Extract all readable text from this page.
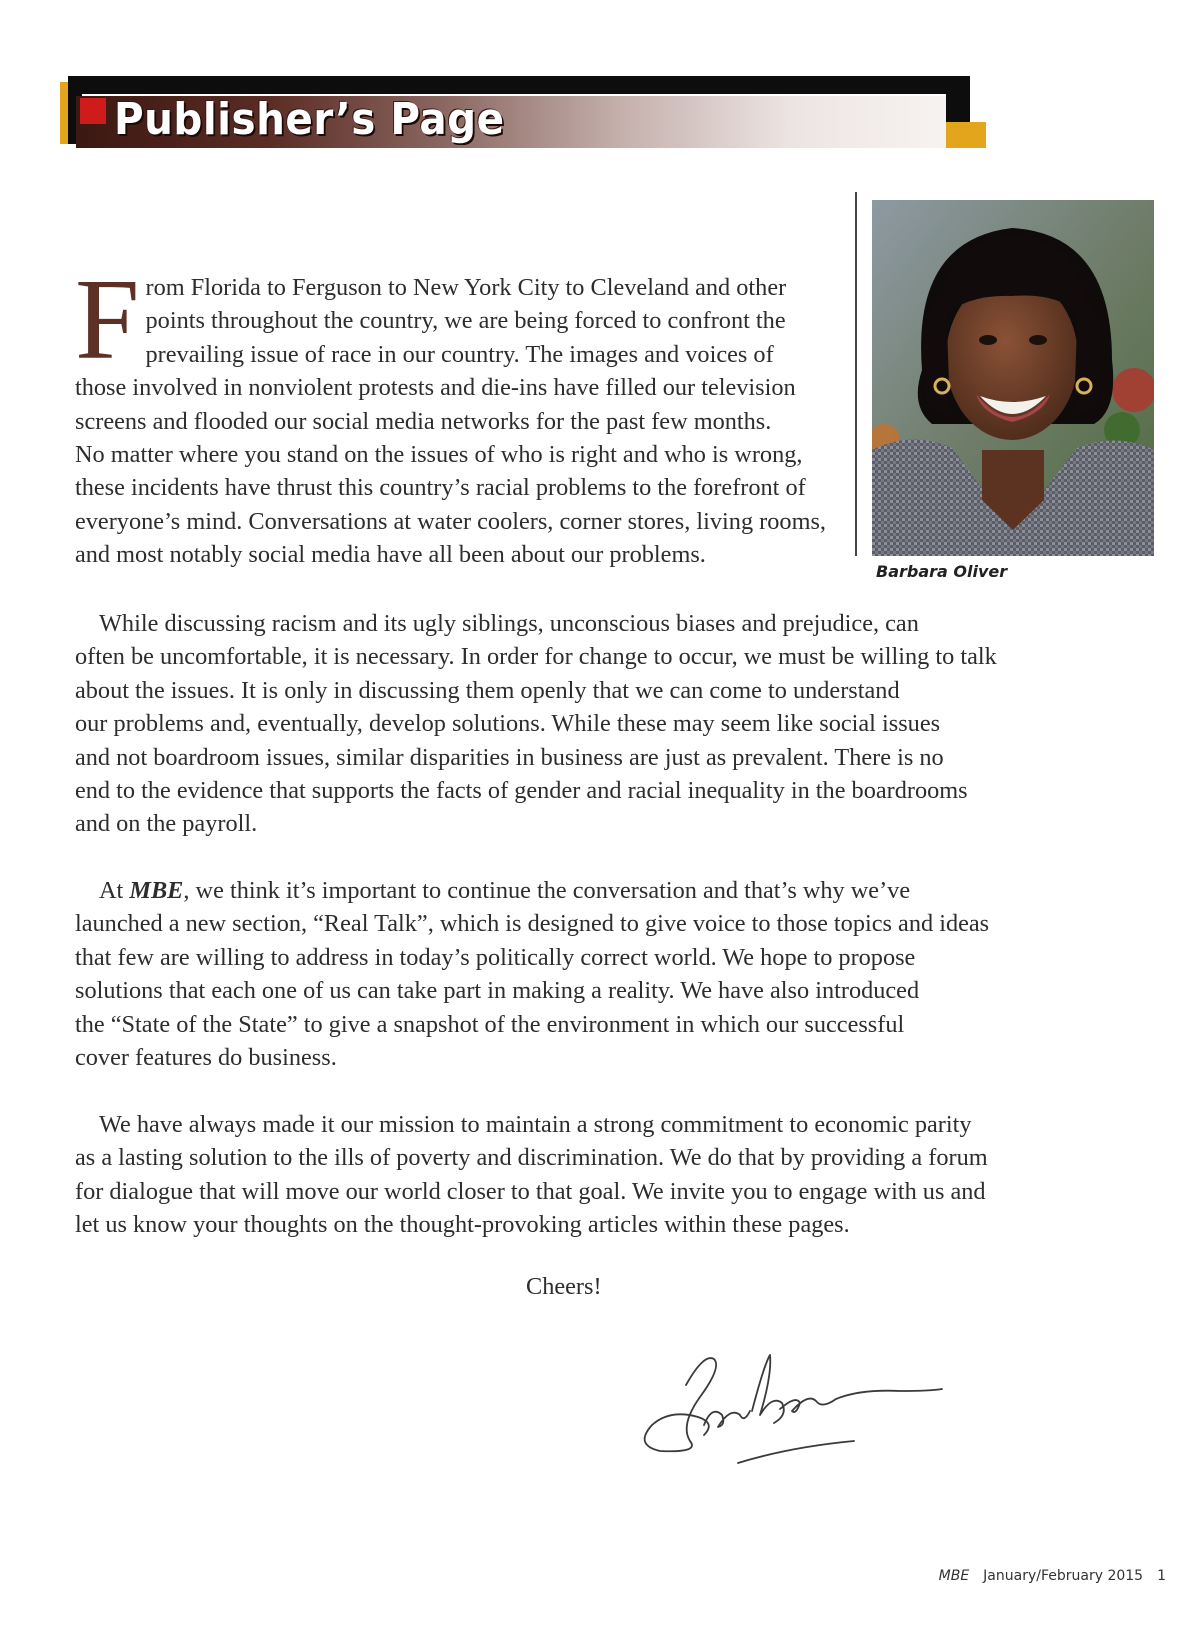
Publisher’s Page
Barbara Oliver
F rom Florida to Ferguson to New York City to Cleveland and other
points throughout the country, we are being forced to confront the
prevailing issue of race in our country. The images and voices of
those involved in nonviolent protests and die-ins have filled our television
screens and flooded our social media networks for the past few months.
No matter where you stand on the issues of who is right and who is wrong,
these incidents have thrust this country’s racial problems to the forefront of
everyone’s mind. Conversations at water coolers, corner stores, living rooms,
and most notably social media have all been about our problems.
While discussing racism and its ugly siblings, unconscious biases and prejudice, can
often be uncomfortable, it is necessary. In order for change to occur, we must be willing to talk
about the issues. It is only in discussing them openly that we can come to understand
our problems and, eventually, develop solutions. While these may seem like social issues
and not boardroom issues, similar disparities in business are just as prevalent. There is no
end to the evidence that supports the facts of gender and racial inequality in the boardrooms
and on the payroll.
At MBE, we think it’s important to continue the conversation and that’s why we’ve
launched a new section, “Real Talk”, which is designed to give voice to those topics and ideas
that few are willing to address in today’s politically correct world. We hope to propose
solutions that each one of us can take part in making a reality. We have also introduced
the “State of the State” to give a snapshot of the environment in which our successful
cover features do business.
We have always made it our mission to maintain a strong commitment to economic parity
as a lasting solution to the ills of poverty and discrimination. We do that by providing a forum
for dialogue that will move our world closer to that goal. We invite you to engage with us and
let us know your thoughts on the thought-provoking articles within these pages.
Cheers!
MBE January/February 2015 1
